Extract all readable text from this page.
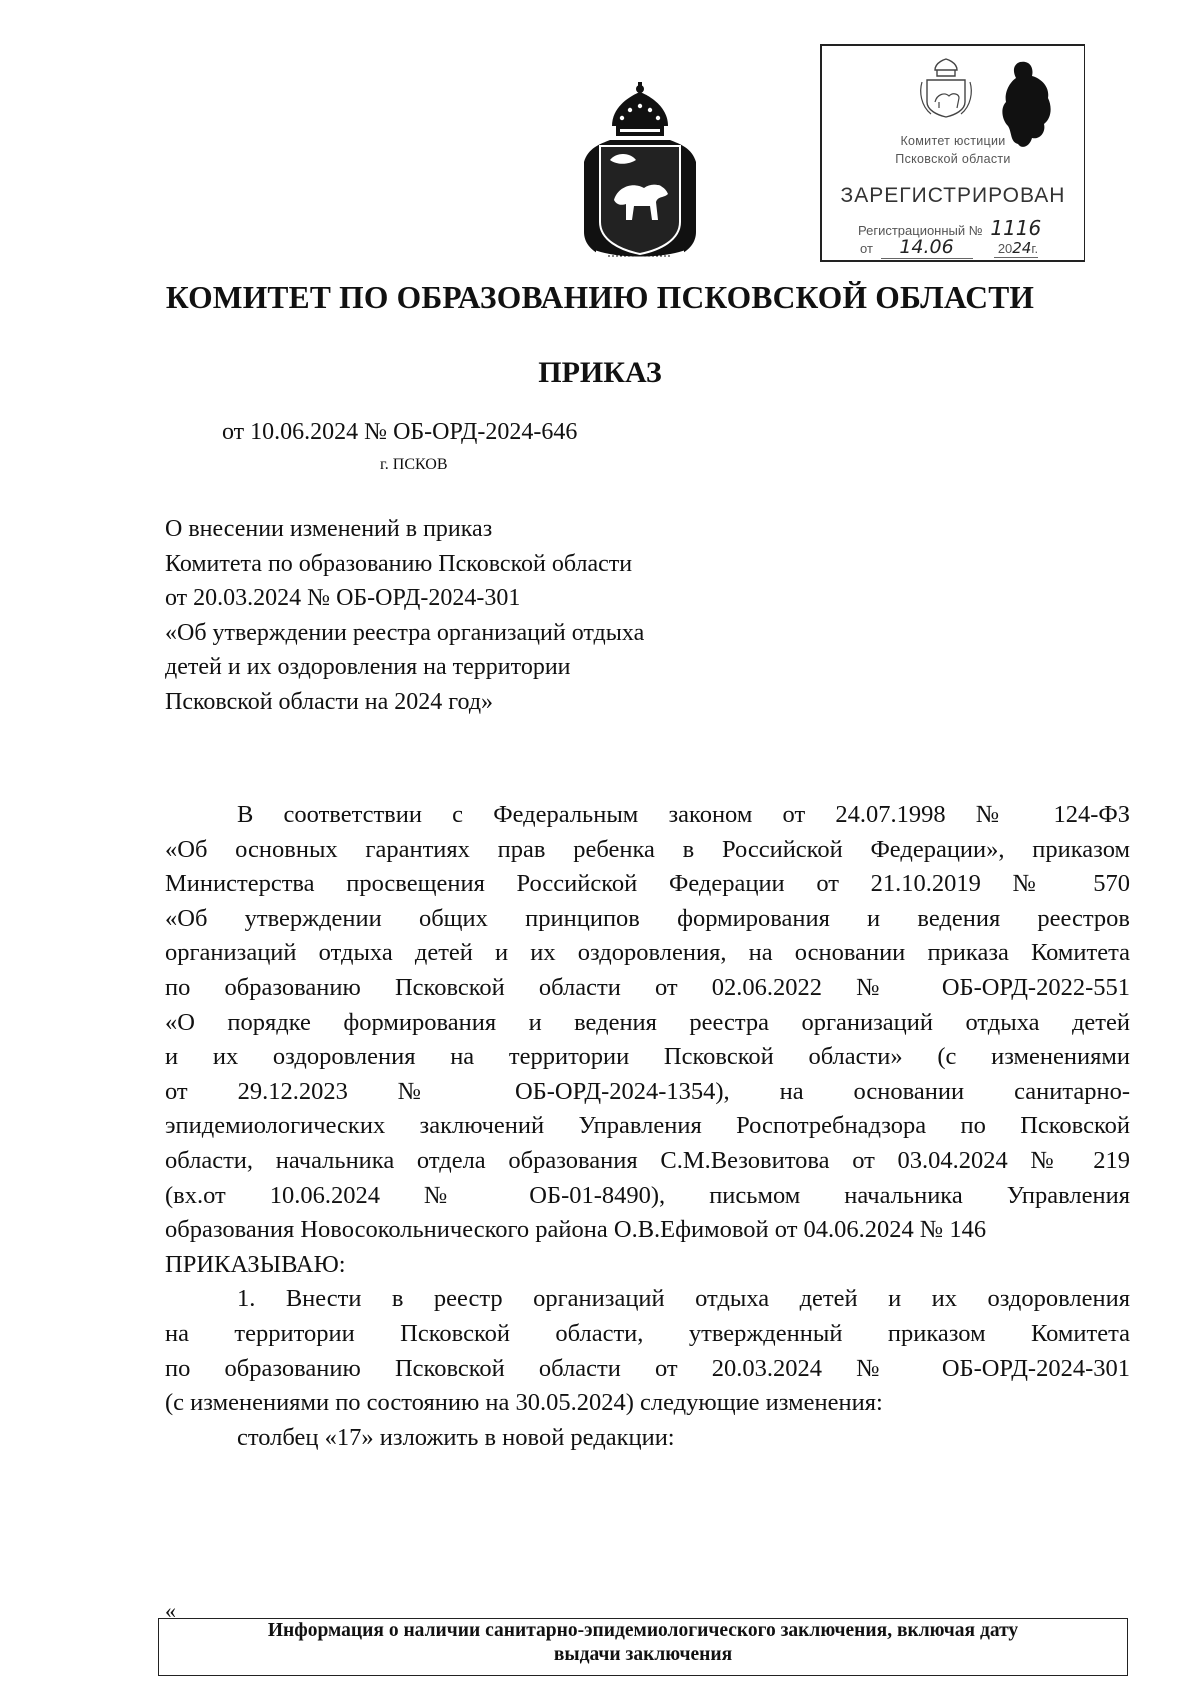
Комитет юстиции
Псковской области
ЗАРЕГИСТРИРОВАН
Регистрационный № 1116
от 14.06	2024г.
КОМИТЕТ ПО ОБРАЗОВАНИЮ ПСКОВСКОЙ ОБЛАСТИ
ПРИКАЗ
от 10.06.2024 № ОБ-ОРД-2024-646
г. ПСКОВ
О внесении изменений в приказ
Комитета по образованию Псковской области
от 20.03.2024 № ОБ-ОРД-2024-301
«Об утверждении реестра организаций отдыха
детей и их оздоровления на территории
Псковской области на 2024 год»
В соответствии с Федеральным законом от 24.07.1998 № 124-ФЗ
«Об основных гарантиях прав ребенка в Российской Федерации», приказом
Министерства просвещения Российской Федерации от 21.10.2019 № 570
«Об утверждении общих принципов формирования и ведения реестров
организаций отдыха детей и их оздоровления, на основании приказа Комитета
по образованию Псковской области от 02.06.2022 № ОБ-ОРД-2022-551
«О порядке формирования и ведения реестра организаций отдыха детей
и их оздоровления на территории Псковской области» (с изменениями
от 29.12.2023 № ОБ-ОРД-2024-1354), на основании санитарно-
эпидемиологических заключений Управления Роспотребнадзора по Псковской
области, начальника отдела образования С.М.Везовитова от 03.04.2024 № 219
(вх.от 10.06.2024 № ОБ-01-8490), письмом начальника Управления
образования Новосокольнического района О.В.Ефимовой от 04.06.2024 № 146
ПРИКАЗЫВАЮ:
1. Внести в реестр организаций отдыха детей и их оздоровления
на территории Псковской области, утвержденный приказом Комитета
по образованию Псковской области от 20.03.2024 № ОБ-ОРД-2024-301
(с изменениями по состоянию на 30.05.2024) следующие изменения:
столбец «17» изложить в новой редакции:
«
Информация о наличии санитарно-эпидемиологического заключения, включая дату
выдачи заключения
